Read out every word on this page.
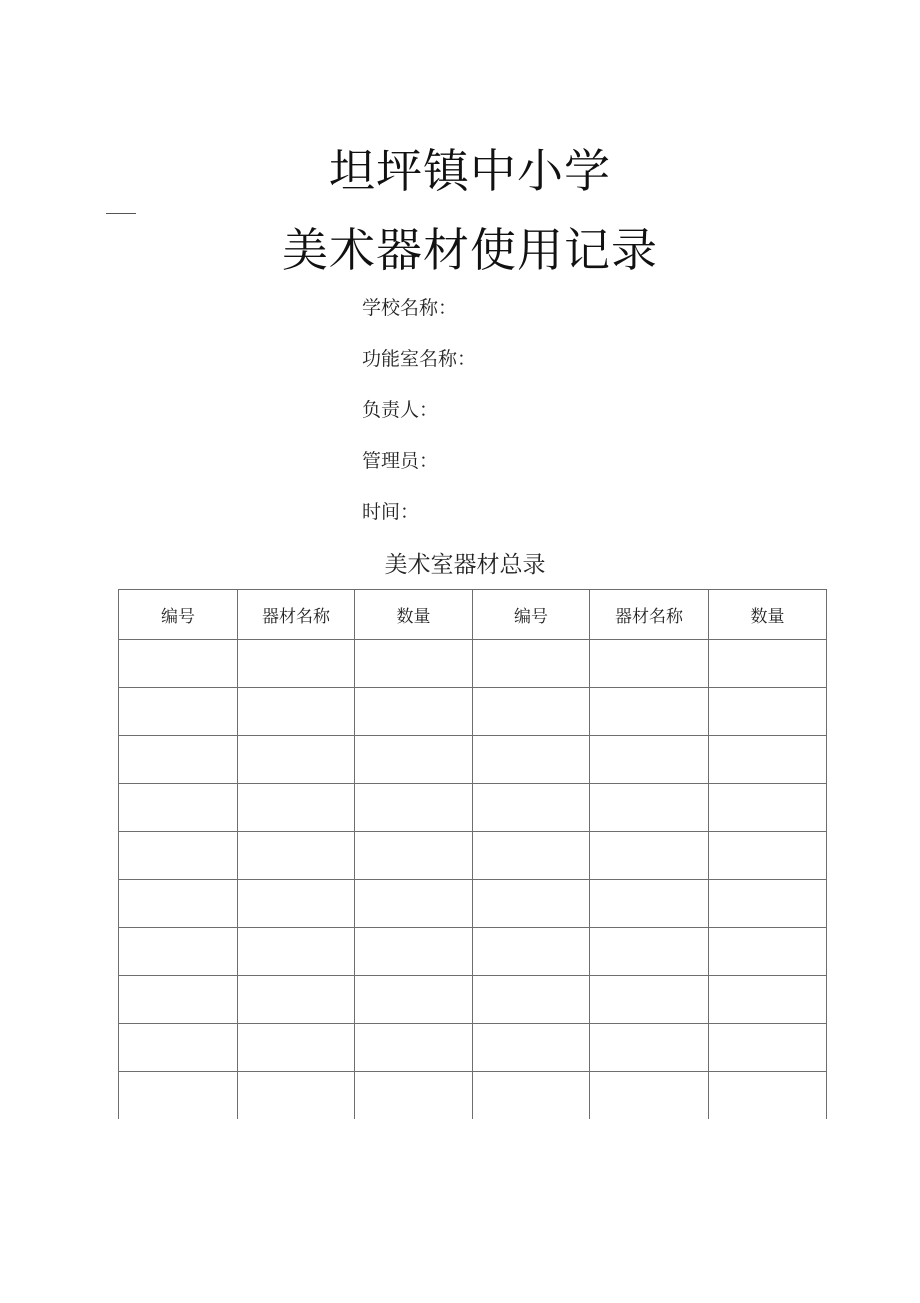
坦坪镇中小学
美术器材使用记录
学校名称：
功能室名称：
负责人：
管理员：
时间：
美术室器材总录
编号	器材名称	数量	编号	器材名称	数量
